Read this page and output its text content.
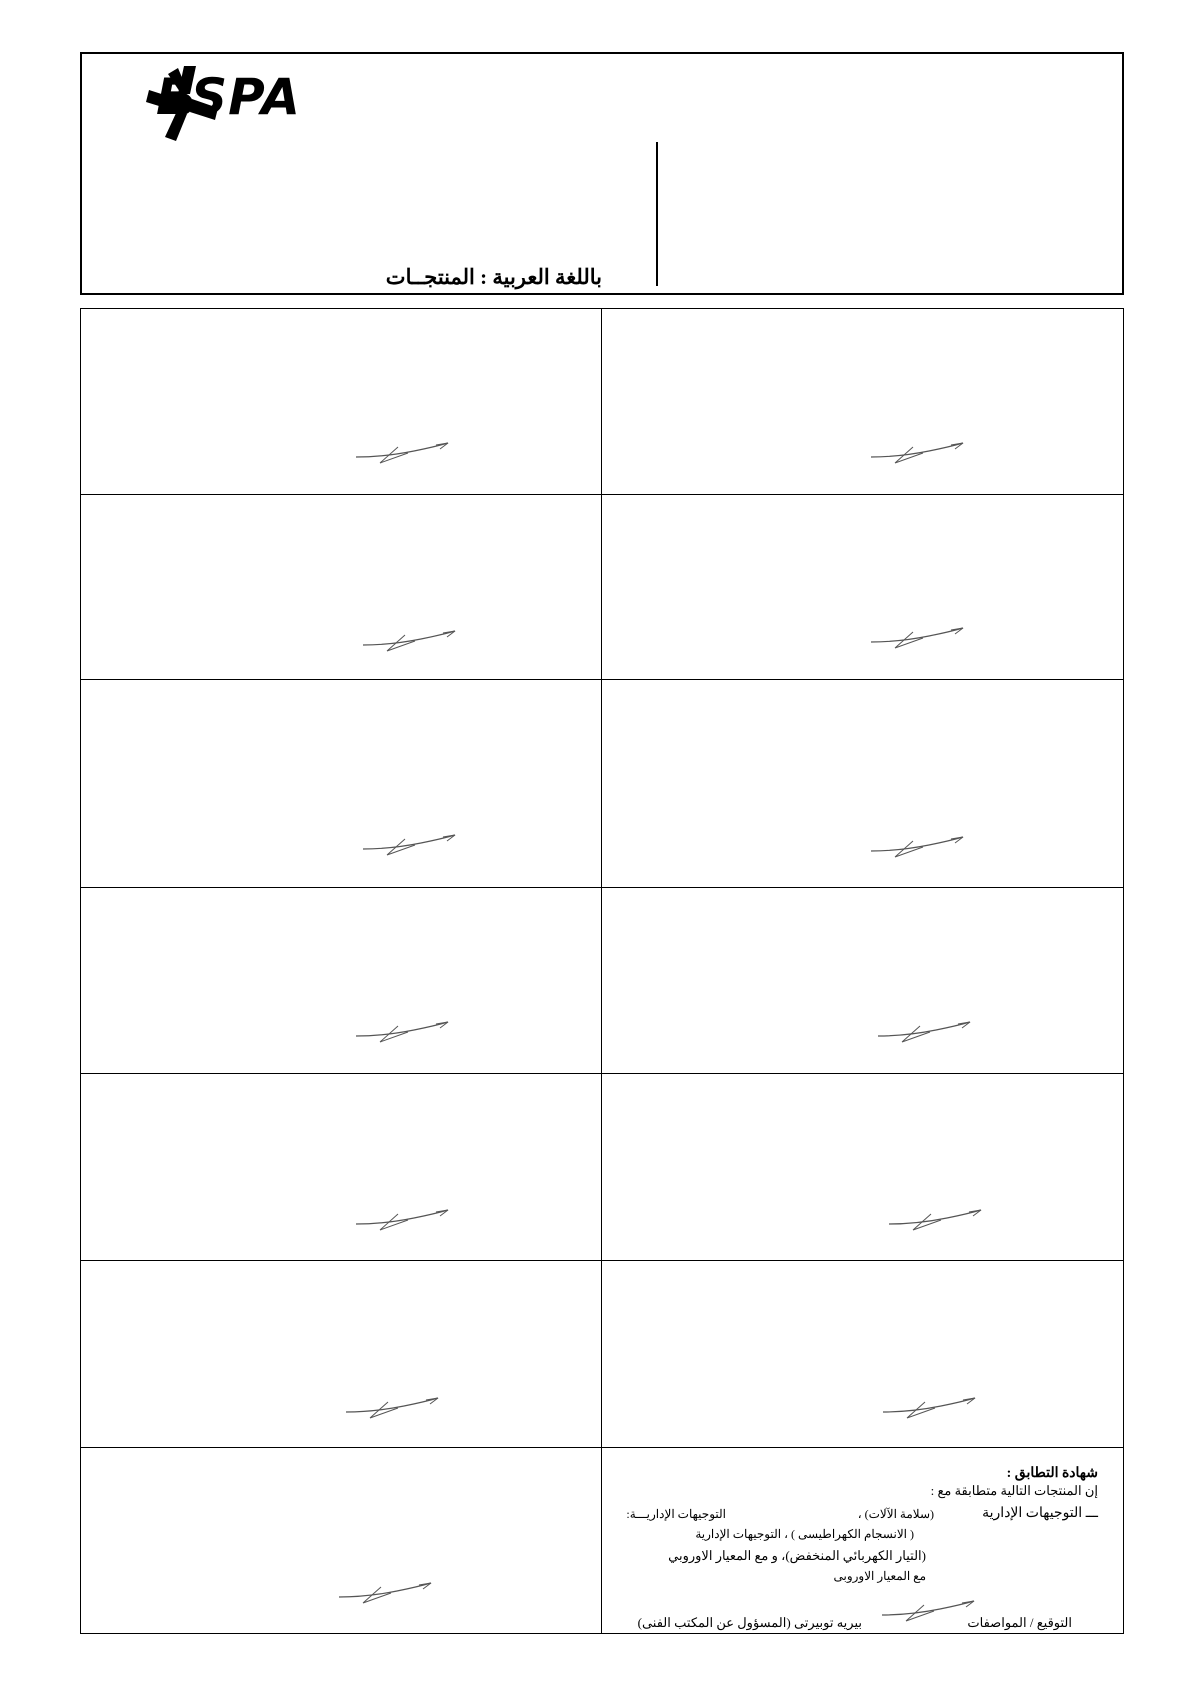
ESPA
باللغة العربية : المنتجــات
شهادة التطابق :
إن المنتجات التالية متطابقة مع :
ـــ التوجيهات الإدارية
(سلامة الآلات) ،
التوجيهات الإداريـــة:
( الانسجام الكهراطيسى ) ، التوجيهات الإدارية
(التيار الكهربائي المنخفض)، و مع المعيار الاوروبي
مع المعيار الاوروبى
التوقيع / المواصفات
بيريه توبيرتى (المسؤول عن المكتب الفنى)
